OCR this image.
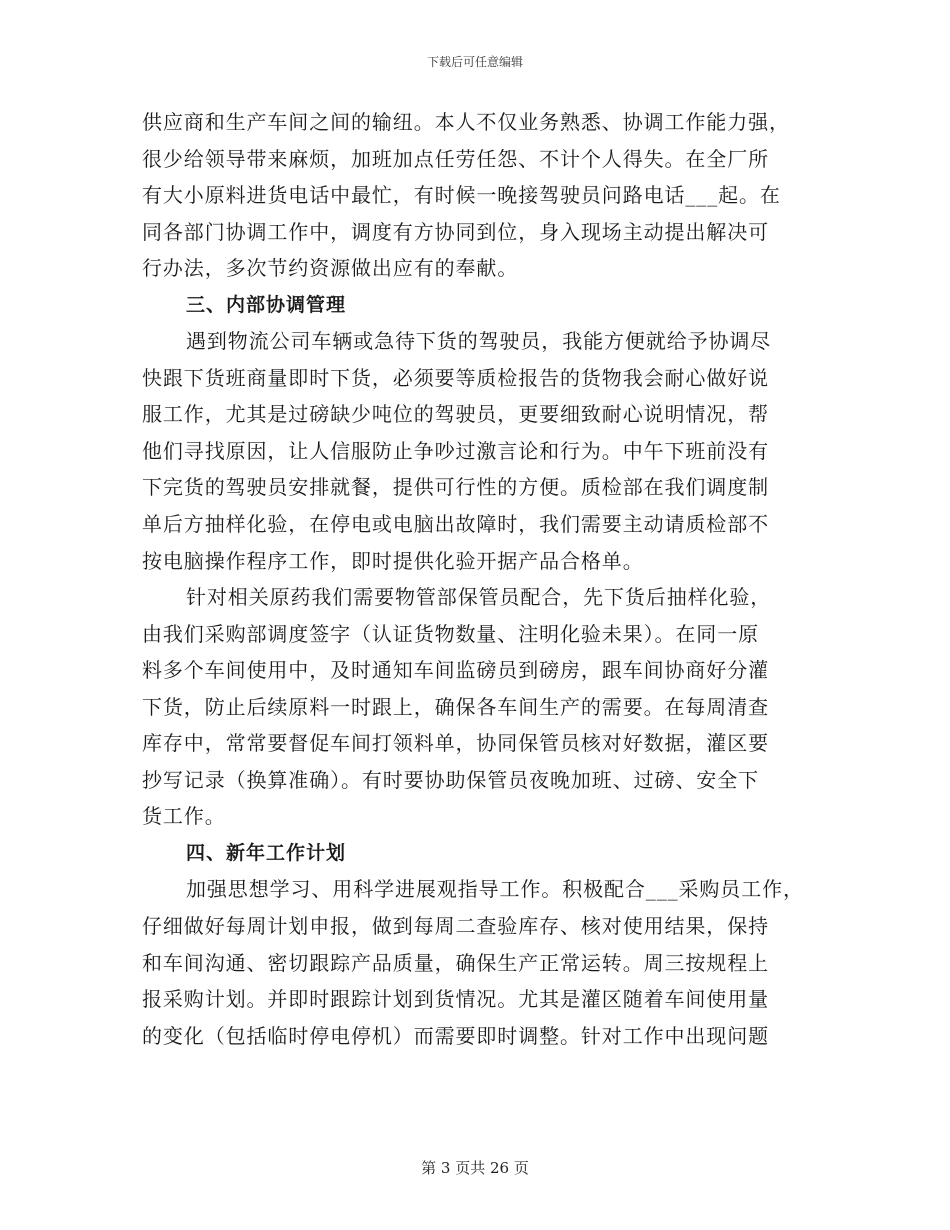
下载后可任意编辑
供应商和生产车间之间的输纽。本人不仅业务熟悉、协调工作能力强，
很少给领导带来麻烦，加班加点任劳任怨、不计个人得失。在全厂所
有大小原料进货电话中最忙，有时候一晚接驾驶员问路电话___起。在
同各部门协调工作中，调度有方协同到位，身入现场主动提出解决可
行办法，多次节约资源做出应有的奉献。
三、内部协调管理
遇到物流公司车辆或急待下货的驾驶员，我能方便就给予协调尽
快跟下货班商量即时下货，必须要等质检报告的货物我会耐心做好说
服工作，尤其是过磅缺少吨位的驾驶员，更要细致耐心说明情况，帮
他们寻找原因，让人信服防止争吵过激言论和行为。中午下班前没有
下完货的驾驶员安排就餐，提供可行性的方便。质检部在我们调度制
单后方抽样化验，在停电或电脑出故障时，我们需要主动请质检部不
按电脑操作程序工作，即时提供化验开据产品合格单。
针对相关原药我们需要物管部保管员配合，先下货后抽样化验，
由我们采购部调度签字（认证货物数量、注明化验未果）。在同一原
料多个车间使用中，及时通知车间监磅员到磅房，跟车间协商好分灌
下货，防止后续原料一时跟上，确保各车间生产的需要。在每周清查
库存中，常常要督促车间打领料单，协同保管员核对好数据，灌区要
抄写记录（换算准确）。有时要协助保管员夜晚加班、过磅、安全下
货工作。
四、新年工作计划
加强思想学习、用科学进展观指导工作。积极配合___采购员工作，
仔细做好每周计划申报，做到每周二查验库存、核对使用结果，保持
和车间沟通、密切跟踪产品质量，确保生产正常运转。周三按规程上
报采购计划。并即时跟踪计划到货情况。尤其是灌区随着车间使用量
的变化（包括临时停电停机）而需要即时调整。针对工作中出现问题
第 3 页共 26 页
